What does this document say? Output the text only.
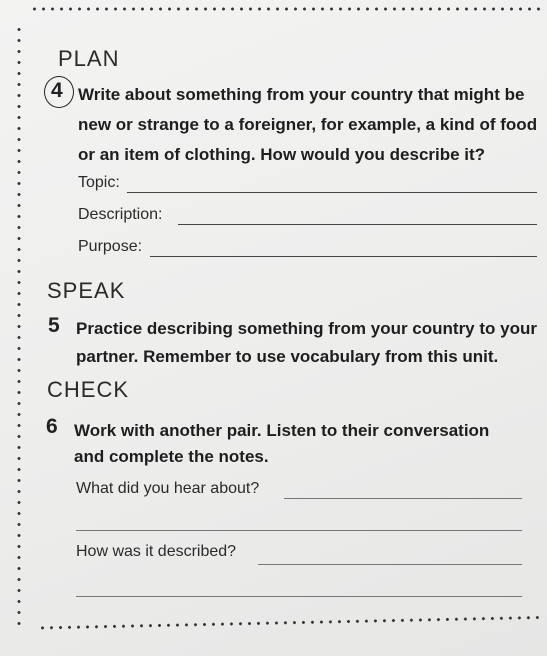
PLAN
4 Write about something from your country that might be
new or strange to a foreigner, for example, a kind of food
or an item of clothing. How would you describe it?
Topic:
Description:
Purpose:
SPEAK
5 Practice describing something from your country to your
partner. Remember to use vocabulary from this unit.
CHECK
6 Work with another pair. Listen to their conversation
and complete the notes.
What did you hear about?
How was it described?
